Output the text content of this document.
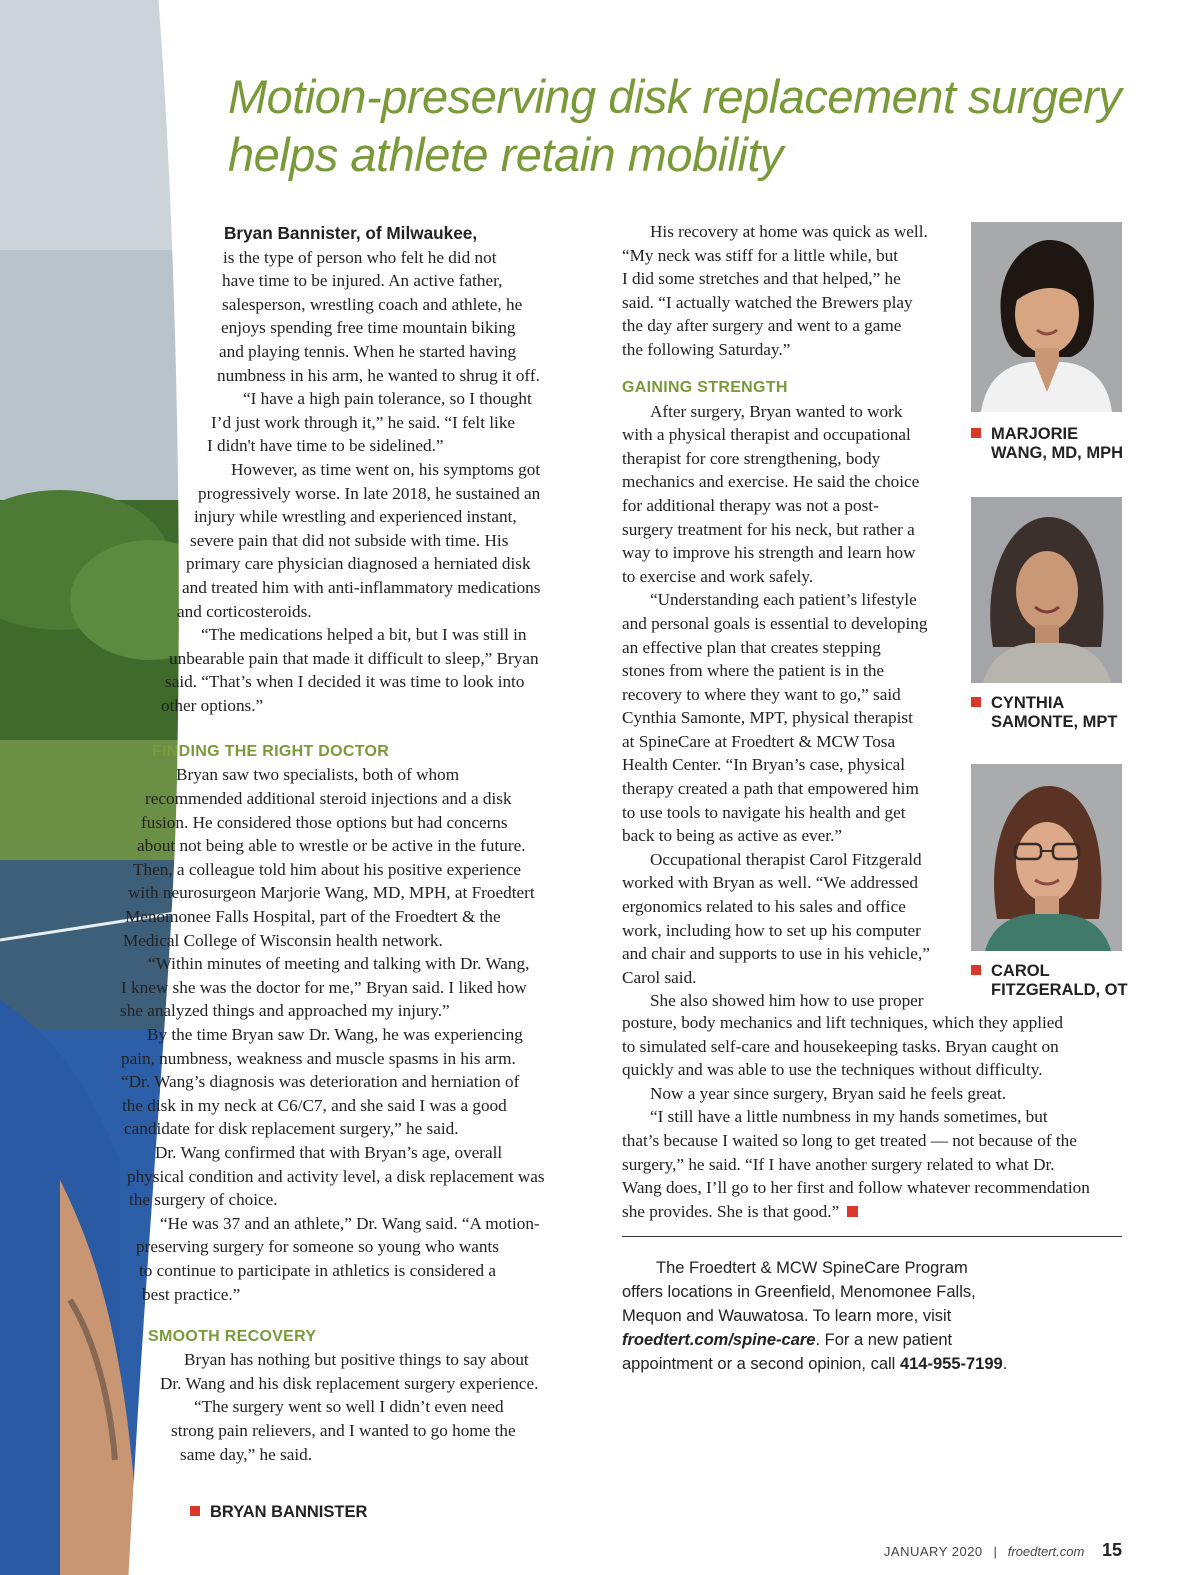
Motion-preserving disk replacement surgery
helps athlete retain mobility

Bryan Bannister, of Milwaukee,

is the type of person who felt he did not

have time to be injured. An active father,

salesperson, wrestling coach and athlete, he

enjoys spending free time mountain biking

and playing tennis. When he started having

numbness in his arm, he wanted to shrug it off.

“I have a high pain tolerance, so I thought

I’d just work through it,” he said. “I felt like

I didn't have time to be sidelined.”

However, as time went on, his symptoms got

progressively worse. In late 2018, he sustained an

injury while wrestling and experienced instant,

severe pain that did not subside with time. His

primary care physician diagnosed a herniated disk

and treated him with anti-inflammatory medications

and corticosteroids.

“The medications helped a bit, but I was still in

unbearable pain that made it difficult to sleep,” Bryan

said. “That’s when I decided it was time to look into

other options.”

FINDING THE RIGHT DOCTOR

Bryan saw two specialists, both of whom

recommended additional steroid injections and a disk

fusion. He considered those options but had concerns

about not being able to wrestle or be active in the future.

Then, a colleague told him about his positive experience

with neurosurgeon Marjorie Wang, MD, MPH, at Froedtert

Menomonee Falls Hospital, part of the Froedtert & the

Medical College of Wisconsin health network.

“Within minutes of meeting and talking with Dr. Wang,

I knew she was the doctor for me,” Bryan said. I liked how

she analyzed things and approached my injury.”

By the time Bryan saw Dr. Wang, he was experiencing

pain, numbness, weakness and muscle spasms in his arm.

“Dr. Wang’s diagnosis was deterioration and herniation of

the disk in my neck at C6/C7, and she said I was a good

candidate for disk replacement surgery,” he said.

Dr. Wang confirmed that with Bryan’s age, overall

physical condition and activity level, a disk replacement was

the surgery of choice.

“He was 37 and an athlete,” Dr. Wang said. “A motion-

preserving surgery for someone so young who wants

to continue to participate in athletics is considered a

best practice.”

SMOOTH RECOVERY

Bryan has nothing but positive things to say about

Dr. Wang and his disk replacement surgery experience.

“The surgery went so well I didn’t even need

strong pain relievers, and I wanted to go home the

same day,” he said.

His recovery at home was quick as well.

“My neck was stiff for a little while, but

I did some stretches and that helped,” he

said. “I actually watched the Brewers play

the day after surgery and went to a game

the following Saturday.”

GAINING STRENGTH

After surgery, Bryan wanted to work

with a physical therapist and occupational

therapist for core strengthening, body

mechanics and exercise. He said the choice

for additional therapy was not a post-

surgery treatment for his neck, but rather a

way to improve his strength and learn how

to exercise and work safely.

“Understanding each patient’s lifestyle

and personal goals is essential to developing

an effective plan that creates stepping

stones from where the patient is in the

recovery to where they want to go,” said

Cynthia Samonte, MPT, physical therapist

at SpineCare at Froedtert & MCW Tosa

Health Center. “In Bryan’s case, physical

therapy created a path that empowered him

to use tools to navigate his health and get

back to being as active as ever.”

Occupational therapist Carol Fitzgerald

worked with Bryan as well. “We addressed

ergonomics related to his sales and office

work, including how to set up his computer

and chair and supports to use in his vehicle,”

Carol said.

She also showed him how to use proper

posture, body mechanics and lift techniques, which they applied

to simulated self-care and housekeeping tasks. Bryan caught on

quickly and was able to use the techniques without difficulty.

Now a year since surgery, Bryan said he feels great.

“I still have a little numbness in my hands sometimes, but

that’s because I waited so long to get treated — not because of the

surgery,” he said. “If I have another surgery related to what Dr.

Wang does, I’ll go to her first and follow whatever recommendation

she provides. She is that good.”

MARJORIE
WANG, MD, MPH
CYNTHIA
SAMONTE, MPT
CAROL
FITZGERALD, OT

The Froedtert & MCW SpineCare Program

offers locations in Greenfield, Menomonee Falls,

Mequon and Wauwatosa. To learn more, visit

froedtert.com/spine-care. For a new patient

appointment or a second opinion, call 414-955-7199.

BRYAN BANNISTER
JANUARY 2020 | froedtert.com 15
